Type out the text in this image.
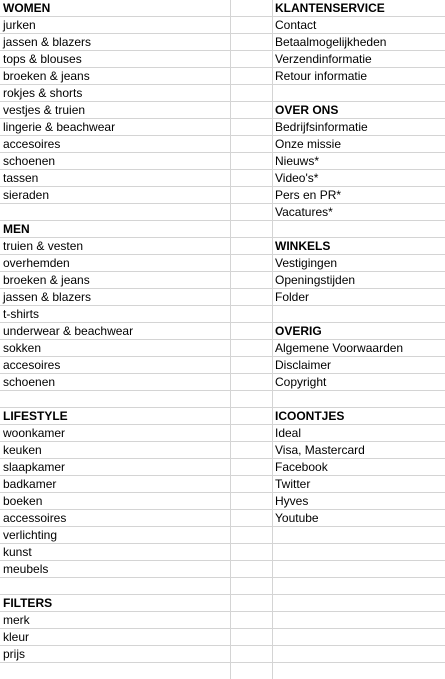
WOMEN
jurken
jassen & blazers
tops & blouses
broeken & jeans
rokjes & shorts
vestjes & truien
lingerie & beachwear
accesoires
schoenen
tassen
sieraden
MEN
truien & vesten
overhemden
broeken & jeans
jassen & blazers
t-shirts
underwear & beachwear
sokken
accesoires
schoenen
LIFESTYLE
woonkamer
keuken
slaapkamer
badkamer
boeken
accessoires
verlichting
kunst
meubels
FILTERS
merk
kleur
prijs
KLANTENSERVICE
Contact
Betaalmogelijkheden
Verzendinformatie
Retour informatie
OVER ONS
Bedrijfsinformatie
Onze missie
Nieuws*
Video's*
Pers en PR*
Vacatures*
WINKELS
Vestigingen
Openingstijden
Folder
OVERIG
Algemene Voorwaarden
Disclaimer
Copyright
ICOONTJES
Ideal
Visa, Mastercard
Facebook
Twitter
Hyves
Youtube
